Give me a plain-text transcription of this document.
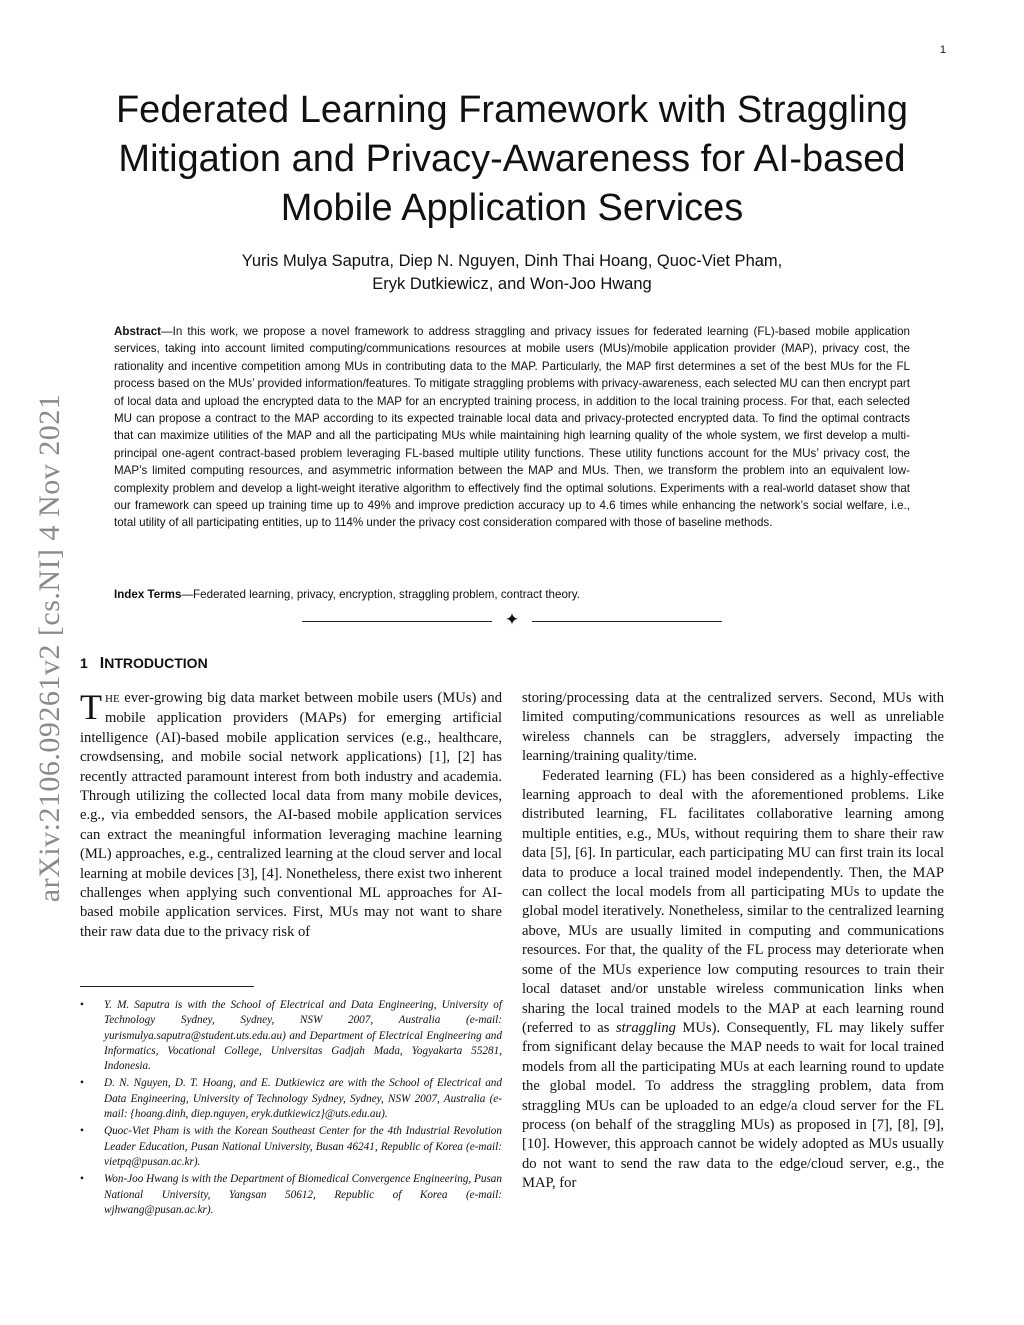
1
arXiv:2106.09261v2 [cs.NI] 4 Nov 2021
Federated Learning Framework with Straggling Mitigation and Privacy-Awareness for AI-based Mobile Application Services
Yuris Mulya Saputra, Diep N. Nguyen, Dinh Thai Hoang, Quoc-Viet Pham,
Eryk Dutkiewicz, and Won-Joo Hwang

Abstract—In this work, we propose a novel framework to address straggling and privacy issues for federated learning (FL)-based mobile application services, taking into account limited computing/communications resources at mobile users (MUs)/mobile application provider (MAP), privacy cost, the rationality and incentive competition among MUs in contributing data to the MAP. Particularly, the MAP first determines a set of the best MUs for the FL process based on the MUs’ provided information/features. To mitigate straggling problems with privacy-awareness, each selected MU can then encrypt part of local data and upload the encrypted data to the MAP for an encrypted training process, in addition to the local training process. For that, each selected MU can propose a contract to the MAP according to its expected trainable local data and privacy-protected encrypted data. To find the optimal contracts that can maximize utilities of the MAP and all the participating MUs while maintaining high learning quality of the whole system, we first develop a multi-principal one-agent contract-based problem leveraging FL-based multiple utility functions. These utility functions account for the MUs’ privacy cost, the MAP’s limited computing resources, and asymmetric information between the MAP and MUs. Then, we transform the problem into an equivalent low-complexity problem and develop a light-weight iterative algorithm to effectively find the optimal solutions. Experiments with a real-world dataset show that our framework can speed up training time up to 49% and improve prediction accuracy up to 4.6 times while enhancing the network’s social welfare, i.e., total utility of all participating entities, up to 114% under the privacy cost consideration compared with those of baseline methods.

Index Terms—Federated learning, privacy, encryption, straggling problem, contract theory.

✦
1 INTRODUCTION

THE ever-growing big data market between mobile users (MUs) and mobile application providers (MAPs) for emerging artificial intelligence (AI)-based mobile application services (e.g., healthcare, crowdsensing, and mobile social network applications) [1], [2] has recently attracted paramount interest from both industry and academia. Through utilizing the collected local data from many mobile devices, e.g., via embedded sensors, the AI-based mobile application services can extract the meaningful information leveraging machine learning (ML) approaches, e.g., centralized learning at the cloud server and local learning at mobile devices [3], [4]. Nonetheless, there exist two inherent challenges when applying such conventional ML approaches for AI-based mobile application services. First, MUs may not want to share their raw data due to the privacy risk of

• Y. M. Saputra is with the School of Electrical and Data Engineering, University of Technology Sydney, Sydney, NSW 2007, Australia (e-mail: yurismulya.saputra@student.uts.edu.au) and Department of Electrical Engineering and Informatics, Vocational College, Universitas Gadjah Mada, Yogyakarta 55281, Indonesia.
• D. N. Nguyen, D. T. Hoang, and E. Dutkiewicz are with the School of Electrical and Data Engineering, University of Technology Sydney, Sydney, NSW 2007, Australia (e-mail: {hoang.dinh, diep.nguyen, eryk.dutkiewicz}@uts.edu.au).
• Quoc-Viet Pham is with the Korean Southeast Center for the 4th Industrial Revolution Leader Education, Pusan National University, Busan 46241, Republic of Korea (e-mail: vietpq@pusan.ac.kr).
• Won-Joo Hwang is with the Department of Biomedical Convergence Engineering, Pusan National University, Yangsan 50612, Republic of Korea (e-mail: wjhwang@pusan.ac.kr).

storing/processing data at the centralized servers. Second, MUs with limited computing/communications resources as well as unreliable wireless channels can be stragglers, adversely impacting the learning/training quality/time.

Federated learning (FL) has been considered as a highly-effective learning approach to deal with the aforementioned problems. Like distributed learning, FL facilitates collaborative learning among multiple entities, e.g., MUs, without requiring them to share their raw data [5], [6]. In particular, each participating MU can first train its local data to produce a local trained model independently. Then, the MAP can collect the local models from all participating MUs to update the global model iteratively. Nonetheless, similar to the centralized learning above, MUs are usually limited in computing and communications resources. For that, the quality of the FL process may deteriorate when some of the MUs experience low computing resources to train their local dataset and/or unstable wireless communication links when sharing the local trained models to the MAP at each learning round (referred to as straggling MUs). Consequently, FL may likely suffer from significant delay because the MAP needs to wait for local trained models from all the participating MUs at each learning round to update the global model. To address the straggling problem, data from straggling MUs can be uploaded to an edge/a cloud server for the FL process (on behalf of the straggling MUs) as proposed in [7], [8], [9], [10]. However, this approach cannot be widely adopted as MUs usually do not want to send the raw data to the edge/cloud server, e.g., the MAP, for
